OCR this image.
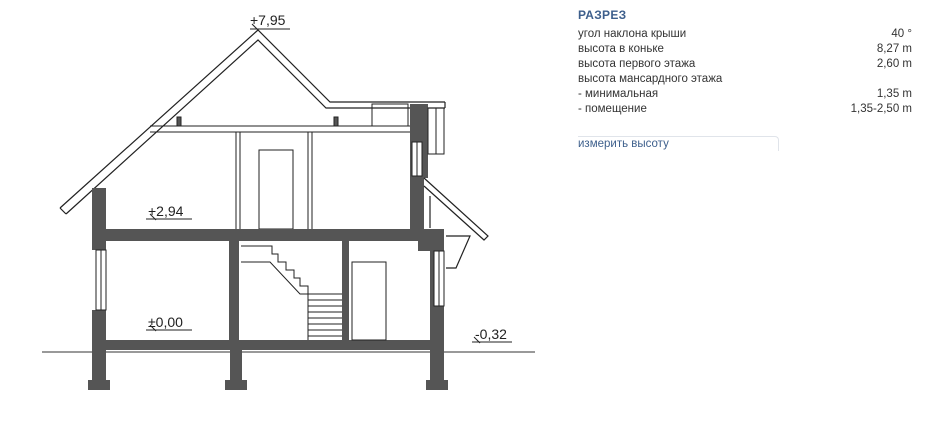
+7,95
+2,94
±0,00
-0,32
РАЗРЕЗ
угол наклона крыши	40 °
высота в коньке	8,27 m
высота первого этажа	2,60 m
высота мансардного этажа
- минимальная	1,35 m
- помещение	1,35-2,50 m
измерить высоту
